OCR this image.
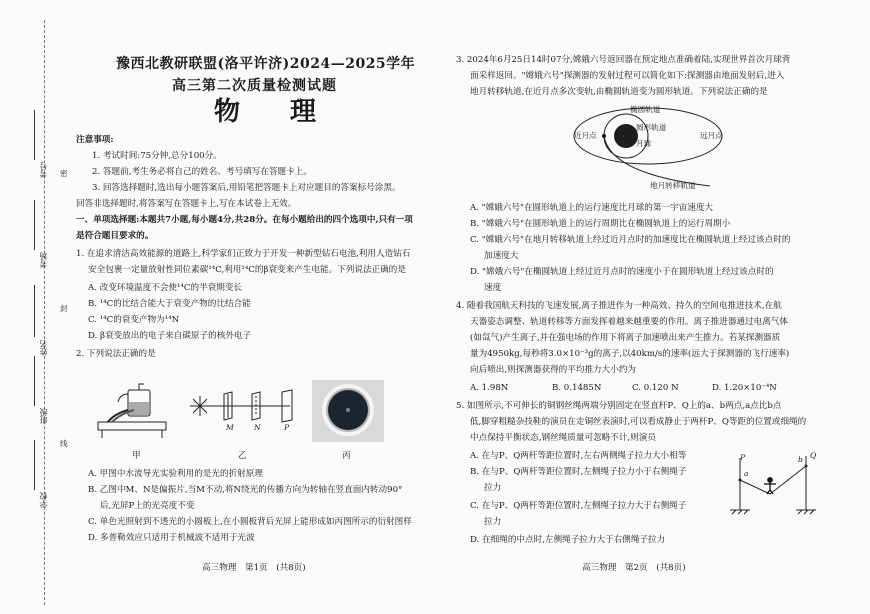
考号
考场
姓名
班级
学校
密
封
线
豫西北教研联盟(洛平许济)2024—2025学年
高三第二次质量检测试题
物　理
注意事项:
1. 考试时间:75分钟,总分100分。
2. 答题前,考生务必将自己的姓名、考号填写在答题卡上。
3. 回答选择题时,选出每小题答案后,用铅笔把答题卡上对应题目的答案标号涂黑。
回答非选择题时,将答案写在答题卡上,写在本试卷上无效。
一、单项选择题:本题共7小题,每小题4分,共28分。在每小题给出的四个选项中,只有一项
是符合题目要求的。
1. 在追求清洁高效能源的道路上,科学家们正致力于开发一种新型钻石电池,利用人造钻石
安全包裹一定量放射性同位素碳¹⁴C,利用¹⁴C的β衰变来产生电能。下列说法正确的是
A. 改变环境温度不会使¹⁴C的半衰期变长
B. ¹⁴C的比结合能大于衰变产物的比结合能
C. ¹⁴C的衰变产物为¹⁴N
D. β衰变放出的电子来自碳原子的核外电子
2. 下列说法正确的是
甲
M	N	P
乙	丙
A. 甲图中水流导光实验利用的是光的折射原理
B. 乙图中M、N是偏振片,当M不动,将N绕光的传播方向为转轴在竖直面内转动90°
后,光屏P上的光亮度不变
C. 单色光照射到不透光的小圆板上,在小圆板背后光屏上能形成如丙图所示的衍射图样
D. 多普勒效应只适用于机械波不适用于光波
高三物理　第1页　(共8页)
3. 2024年6月25日14时07分,嫦娥六号返回器在预定地点准确着陆,实现世界首次月球背
面采样返回。"嫦娥六号"探测器的发射过程可以简化如下:探测器由地面发射后,进入
地月转移轨道,在近月点多次变轨,由椭圆轨道变为圆形轨道。下列说法正确的是
椭圆轨道
圆形轨道
月球
近月点	远月点
地月转移轨道
A. "嫦娥六号"在圆形轨道上的运行速度比月球的第一宇宙速度大
B. "嫦娥六号"在圆形轨道上的运行周期比在椭圆轨道上的运行周期小
C. "嫦娥六号"在地月转移轨道上经过近月点时的加速度比在椭圆轨道上经过该点时的
加速度大
D. "嫦娥六号"在椭圆轨道上经过近月点时的速度小于在圆形轨道上经过该点时的
速度
4. 随着我国航天科技的飞速发展,离子推进作为一种高效、持久的空间电推进技术,在航
天器姿态调整、轨道转移等方面发挥着越来越重要的作用。离子推进器通过电离气体
(如氙气)产生离子,并在强电场的作用下将离子加速喷出来产生推力。若某探测器质
量为4950kg,每秒将3.0×10⁻³g的离子,以40km/s的速率(远大于探测器的飞行速率)
向后喷出,则探测器获得的平均推力大小约为
A. 1.98N	B. 0.1485N	C. 0.120 N	D. 1.20×10⁻⁴N
5. 如图所示,不可伸长的铜钢丝绳两端分别固定在竖直杆P、Q上的a、b两点,a点比b点
低,脚穿粗糙杂技鞋的演员在走铜丝表演时,可以看成静止于两杆P、Q等距的位置或细绳的
中点保持平衡状态,钢丝绳质量可忽略不计,则演员
A. 在与P、Q两杆等距位置时,左右两侧绳子拉力大小相等
B. 在与P、Q两杆等距位置时,左侧绳子拉力小于右侧绳子
拉力
C. 在与P、Q两杆等距位置时,左侧绳子拉力大于右侧绳子
拉力
D. 在细绳的中点时,左侧绳子拉力大于右侧绳子拉力
P	Q
a
b
高三物理　第2页　(共8页)
